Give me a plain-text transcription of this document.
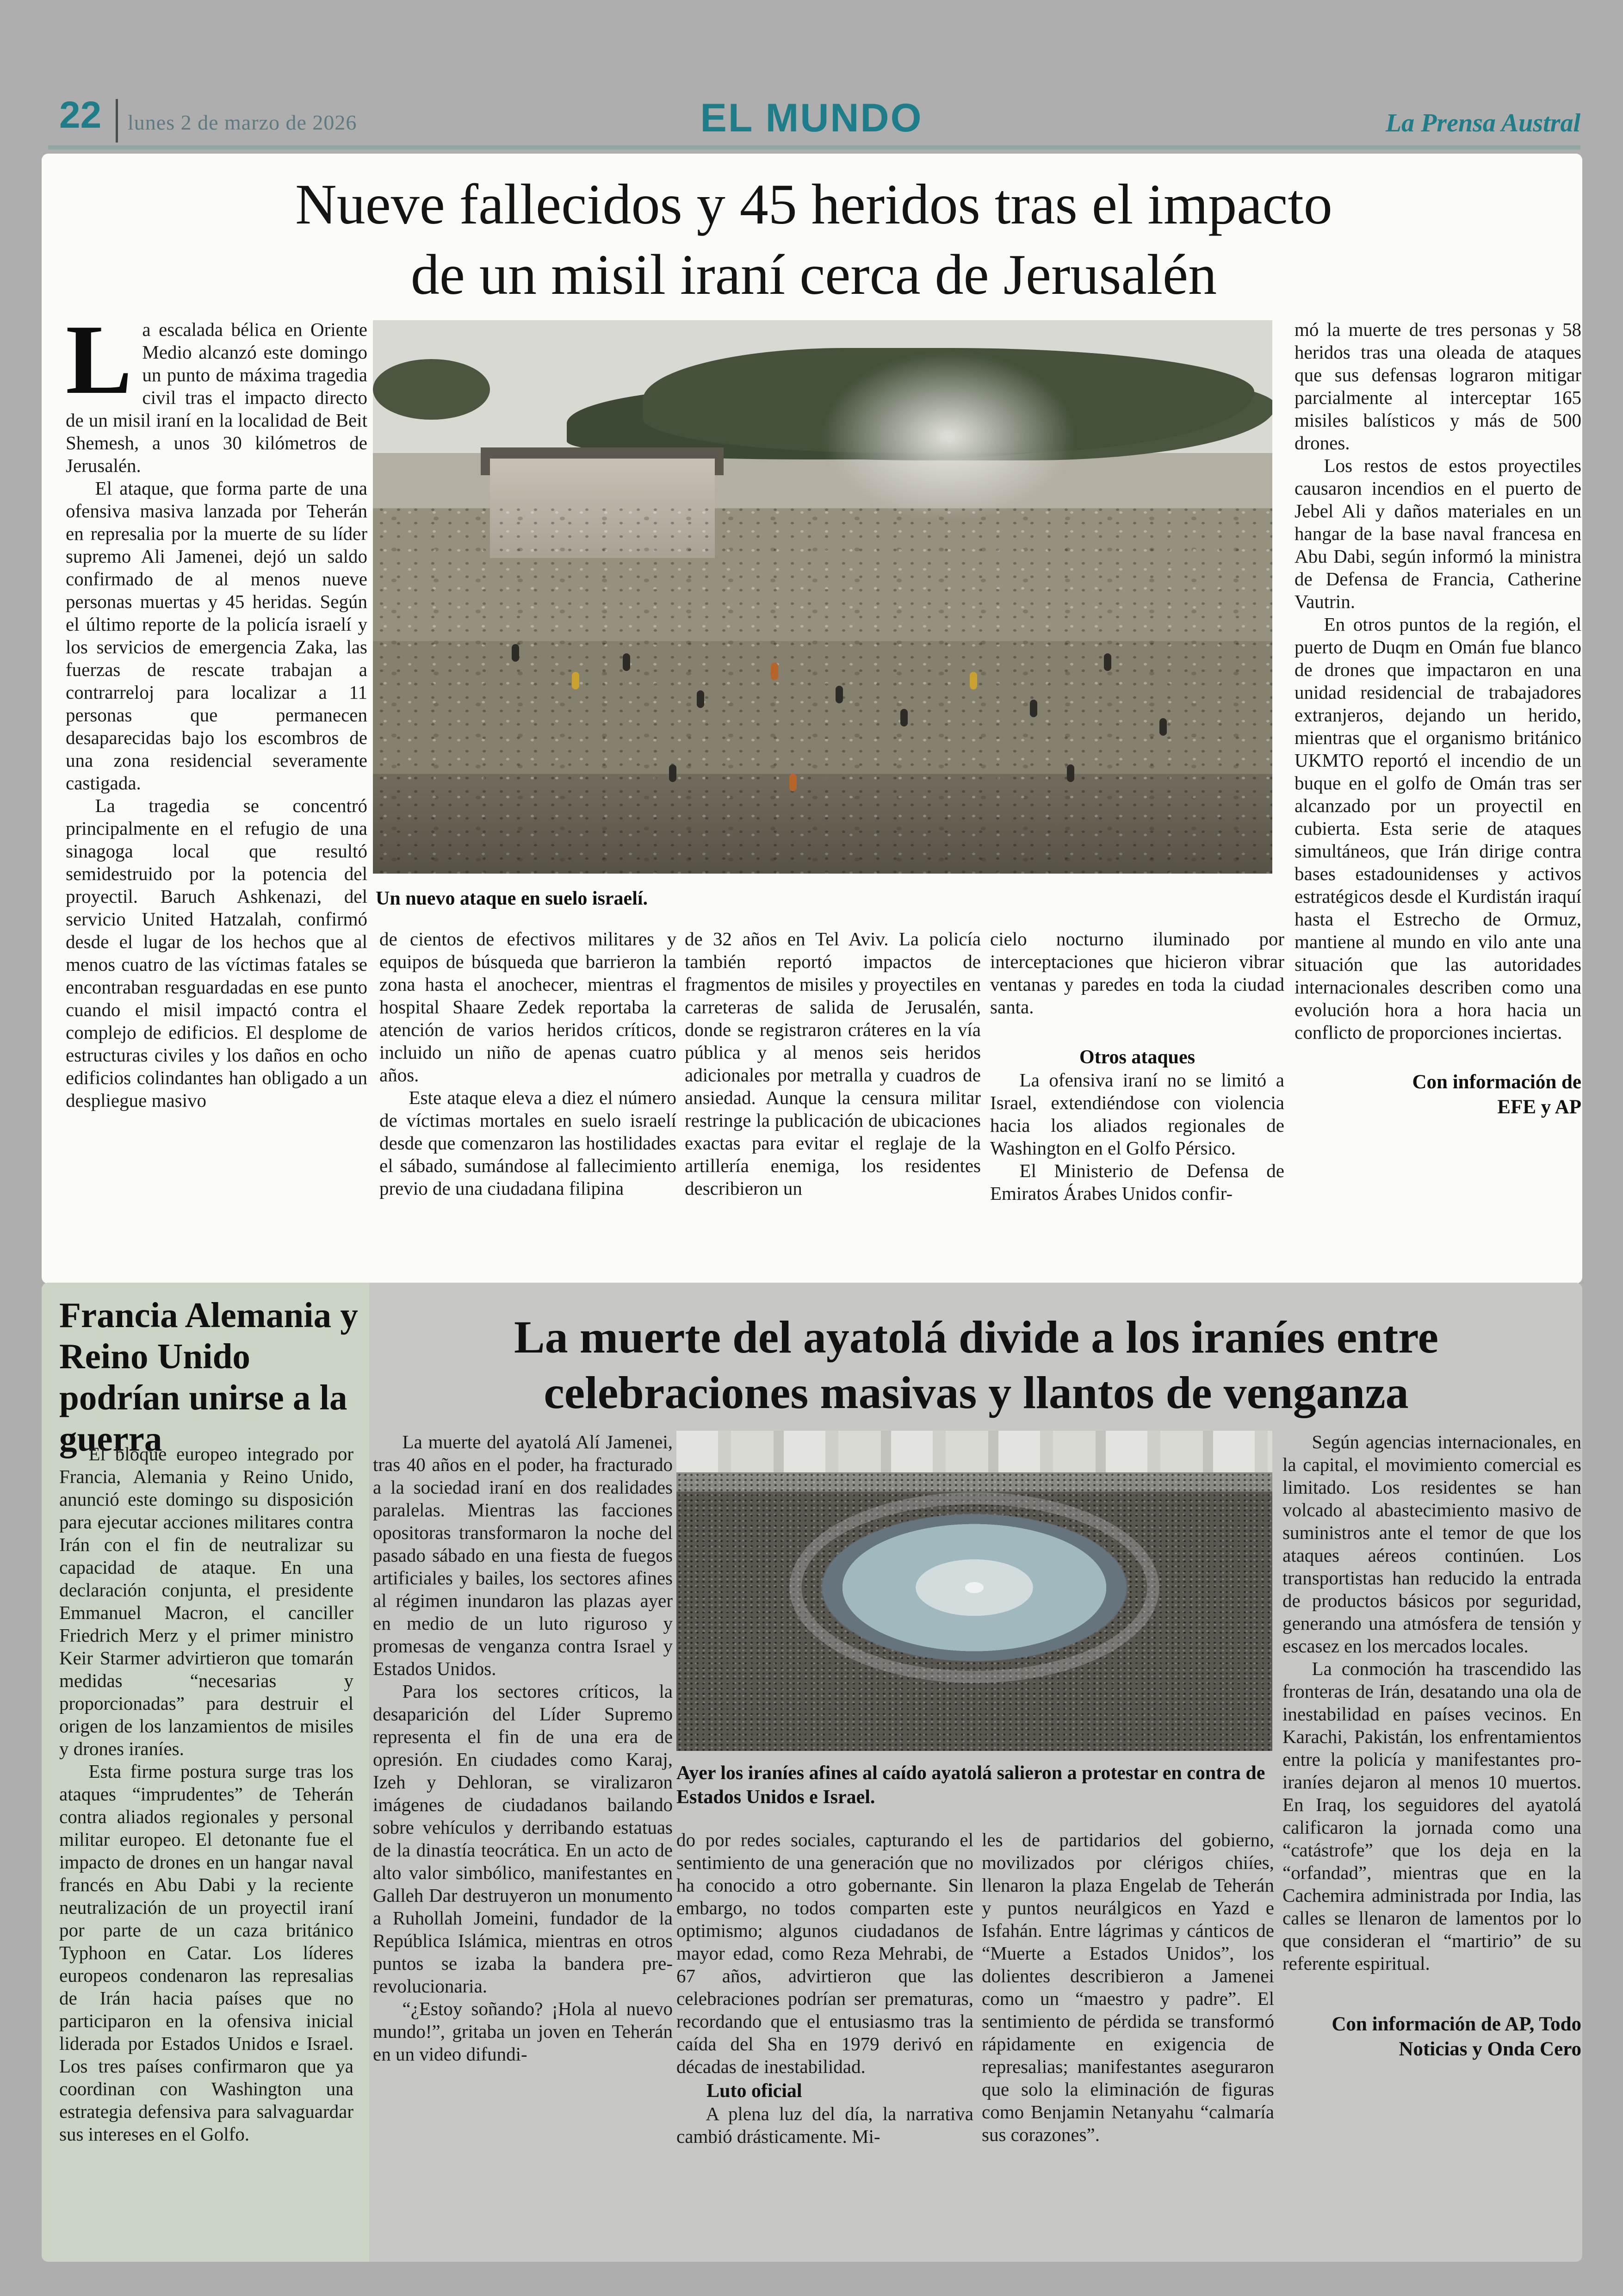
22 lunes 2 de marzo de 2026	EL MUNDO	La Prensa Austral
Nueve fallecidos y 45 heridos tras el impacto
de un misil iraní cerca de Jerusalén

La escalada bélica en Oriente Medio alcanzó este domingo un punto de máxima tragedia civil tras el impacto directo de un misil iraní en la localidad de Beit Shemesh, a unos 30 kilómetros de Jerusalén.

El ataque, que forma parte de una ofensiva masiva lanzada por Teherán en represalia por la muerte de su líder supremo Ali Jamenei, dejó un saldo confirmado de al menos nueve personas muertas y 45 heridas. Según el último reporte de la policía israelí y los servicios de emergencia Zaka, las fuerzas de rescate trabajan a contrarreloj para localizar a 11 personas que permanecen desaparecidas bajo los escombros de una zona residencial severamente castigada.

La tragedia se concentró principalmente en el refugio de una sinagoga local que resultó semidestruido por la potencia del proyectil. Baruch Ashkenazi, del servicio United Hatzalah, confirmó desde el lugar de los hechos que al menos cuatro de las víctimas fatales se encontraban resguardadas en ese punto cuando el misil impactó contra el complejo de edificios. El desplome de estructuras civiles y los daños en ocho edificios colindantes han obligado a un despliegue masivo

Un nuevo ataque en suelo israelí.

de cientos de efectivos militares y equipos de búsqueda que barrieron la zona hasta el anochecer, mientras el hospital Shaare Zedek reportaba la atención de varios heridos críticos, incluido un niño de apenas cuatro años.

Este ataque eleva a diez el número de víctimas mortales en suelo israelí desde que comenzaron las hostilidades el sábado, sumándose al fallecimiento previo de una ciudadana filipina

de 32 años en Tel Aviv. La policía también reportó impactos de fragmentos de misiles y proyectiles en carreteras de salida de Jerusalén, donde se registraron cráteres en la vía pública y al menos seis heridos adicionales por metralla y cuadros de ansiedad. Aunque la censura militar restringe la publicación de ubicaciones exactas para evitar el reglaje de la artillería enemiga, los residentes describieron un

cielo nocturno iluminado por interceptaciones que hicieron vibrar ventanas y paredes en toda la ciudad santa.

Otros ataques

La ofensiva iraní no se limitó a Israel, extendiéndose con violencia hacia los aliados regionales de Washington en el Golfo Pérsico.

El Ministerio de Defensa de Emiratos Árabes Unidos confir-

mó la muerte de tres personas y 58 heridos tras una oleada de ataques que sus defensas lograron mitigar parcialmente al interceptar 165 misiles balísticos y más de 500 drones.

Los restos de estos proyectiles causaron incendios en el puerto de Jebel Ali y daños materiales en un hangar de la base naval francesa en Abu Dabi, según informó la ministra de Defensa de Francia, Catherine Vautrin.

En otros puntos de la región, el puerto de Duqm en Omán fue blanco de drones que impactaron en una unidad residencial de trabajadores extranjeros, dejando un herido, mientras que el organismo británico UKMTO reportó el incendio de un buque en el golfo de Omán tras ser alcanzado por un proyectil en cubierta. Esta serie de ataques simultáneos, que Irán dirige contra bases estadounidenses y activos estratégicos desde el Kurdistán iraquí hasta el Estrecho de Ormuz, mantiene al mundo en vilo ante una situación que las autoridades internacionales describen como una evolución hora a hora hacia un conflicto de proporciones inciertas.

Con información de EFE y AP
Francia Alemania y Reino Unido podrían unirse a la guerra

El bloque europeo integrado por Francia, Alemania y Reino Unido, anunció este domingo su disposición para ejecutar acciones militares contra Irán con el fin de neutralizar su capacidad de ataque. En una declaración conjunta, el presidente Emmanuel Macron, el canciller Friedrich Merz y el primer ministro Keir Starmer advirtieron que tomarán medidas “necesarias y proporcionadas” para destruir el origen de los lanzamientos de misiles y drones iraníes.

Esta firme postura surge tras los ataques “imprudentes” de Teherán contra aliados regionales y personal militar europeo. El detonante fue el impacto de drones en un hangar naval francés en Abu Dabi y la reciente neutralización de un proyectil iraní por parte de un caza británico Typhoon en Catar. Los líderes europeos condenaron las represalias de Irán hacia países que no participaron en la ofensiva inicial liderada por Estados Unidos e Israel. Los tres países confirmaron que ya coordinan con Washington una estrategia defensiva para salvaguardar sus intereses en el Golfo.

La muerte del ayatolá divide a los iraníes entre
celebraciones masivas y llantos de venganza

La muerte del ayatolá Alí Jamenei, tras 40 años en el poder, ha fracturado a la sociedad iraní en dos realidades paralelas. Mientras las facciones opositoras transformaron la noche del pasado sábado en una fiesta de fuegos artificiales y bailes, los sectores afines al régimen inundaron las plazas ayer en medio de un luto riguroso y promesas de venganza contra Israel y Estados Unidos.

Para los sectores críticos, la desaparición del Líder Supremo representa el fin de una era de opresión. En ciudades como Karaj, Izeh y Dehloran, se viralizaron imágenes de ciudadanos bailando sobre vehículos y derribando estatuas de la dinastía teocrática. En un acto de alto valor simbólico, manifestantes en Galleh Dar destruyeron un monumento a Ruhollah Jomeini, fundador de la República Islámica, mientras en otros puntos se izaba la bandera pre-revolucionaria.

“¿Estoy soñando? ¡Hola al nuevo mundo!”, gritaba un joven en Teherán en un video difundi-

Ayer los iraníes afines al caído ayatolá salieron a protestar en contra de Estados Unidos e Israel.

do por redes sociales, capturando el sentimiento de una generación que no ha conocido a otro gobernante. Sin embargo, no todos comparten este optimismo; algunos ciudadanos de mayor edad, como Reza Mehrabi, de 67 años, advirtieron que las celebraciones podrían ser prematuras, recordando que el entusiasmo tras la caída del Sha en 1979 derivó en décadas de inestabilidad.

Luto oficial

A plena luz del día, la narrativa cambió drásticamente. Mi-

les de partidarios del gobierno, movilizados por clérigos chiíes, llenaron la plaza Engelab de Teherán y puntos neurálgicos en Yazd e Isfahán. Entre lágrimas y cánticos de “Muerte a Estados Unidos”, los dolientes describieron a Jamenei como un “maestro y padre”. El sentimiento de pérdida se transformó rápidamente en exigencia de represalias; manifestantes aseguraron que solo la eliminación de figuras como Benjamin Netanyahu “calmaría sus corazones”.

Según agencias internacionales, en la capital, el movimiento comercial es limitado. Los residentes se han volcado al abastecimiento masivo de suministros ante el temor de que los ataques aéreos continúen. Los transportistas han reducido la entrada de productos básicos por seguridad, generando una atmósfera de tensión y escasez en los mercados locales.

La conmoción ha trascendido las fronteras de Irán, desatando una ola de inestabilidad en países vecinos. En Karachi, Pakistán, los enfrentamientos entre la policía y manifestantes pro-iraníes dejaron al menos 10 muertos. En Iraq, los seguidores del ayatolá calificaron la jornada como una “catástrofe” que los deja en la “orfandad”, mientras que en la Cachemira administrada por India, las calles se llenaron de lamentos por lo que consideran el “martirio” de su referente espiritual.

Con información de AP, Todo Noticias y Onda Cero
